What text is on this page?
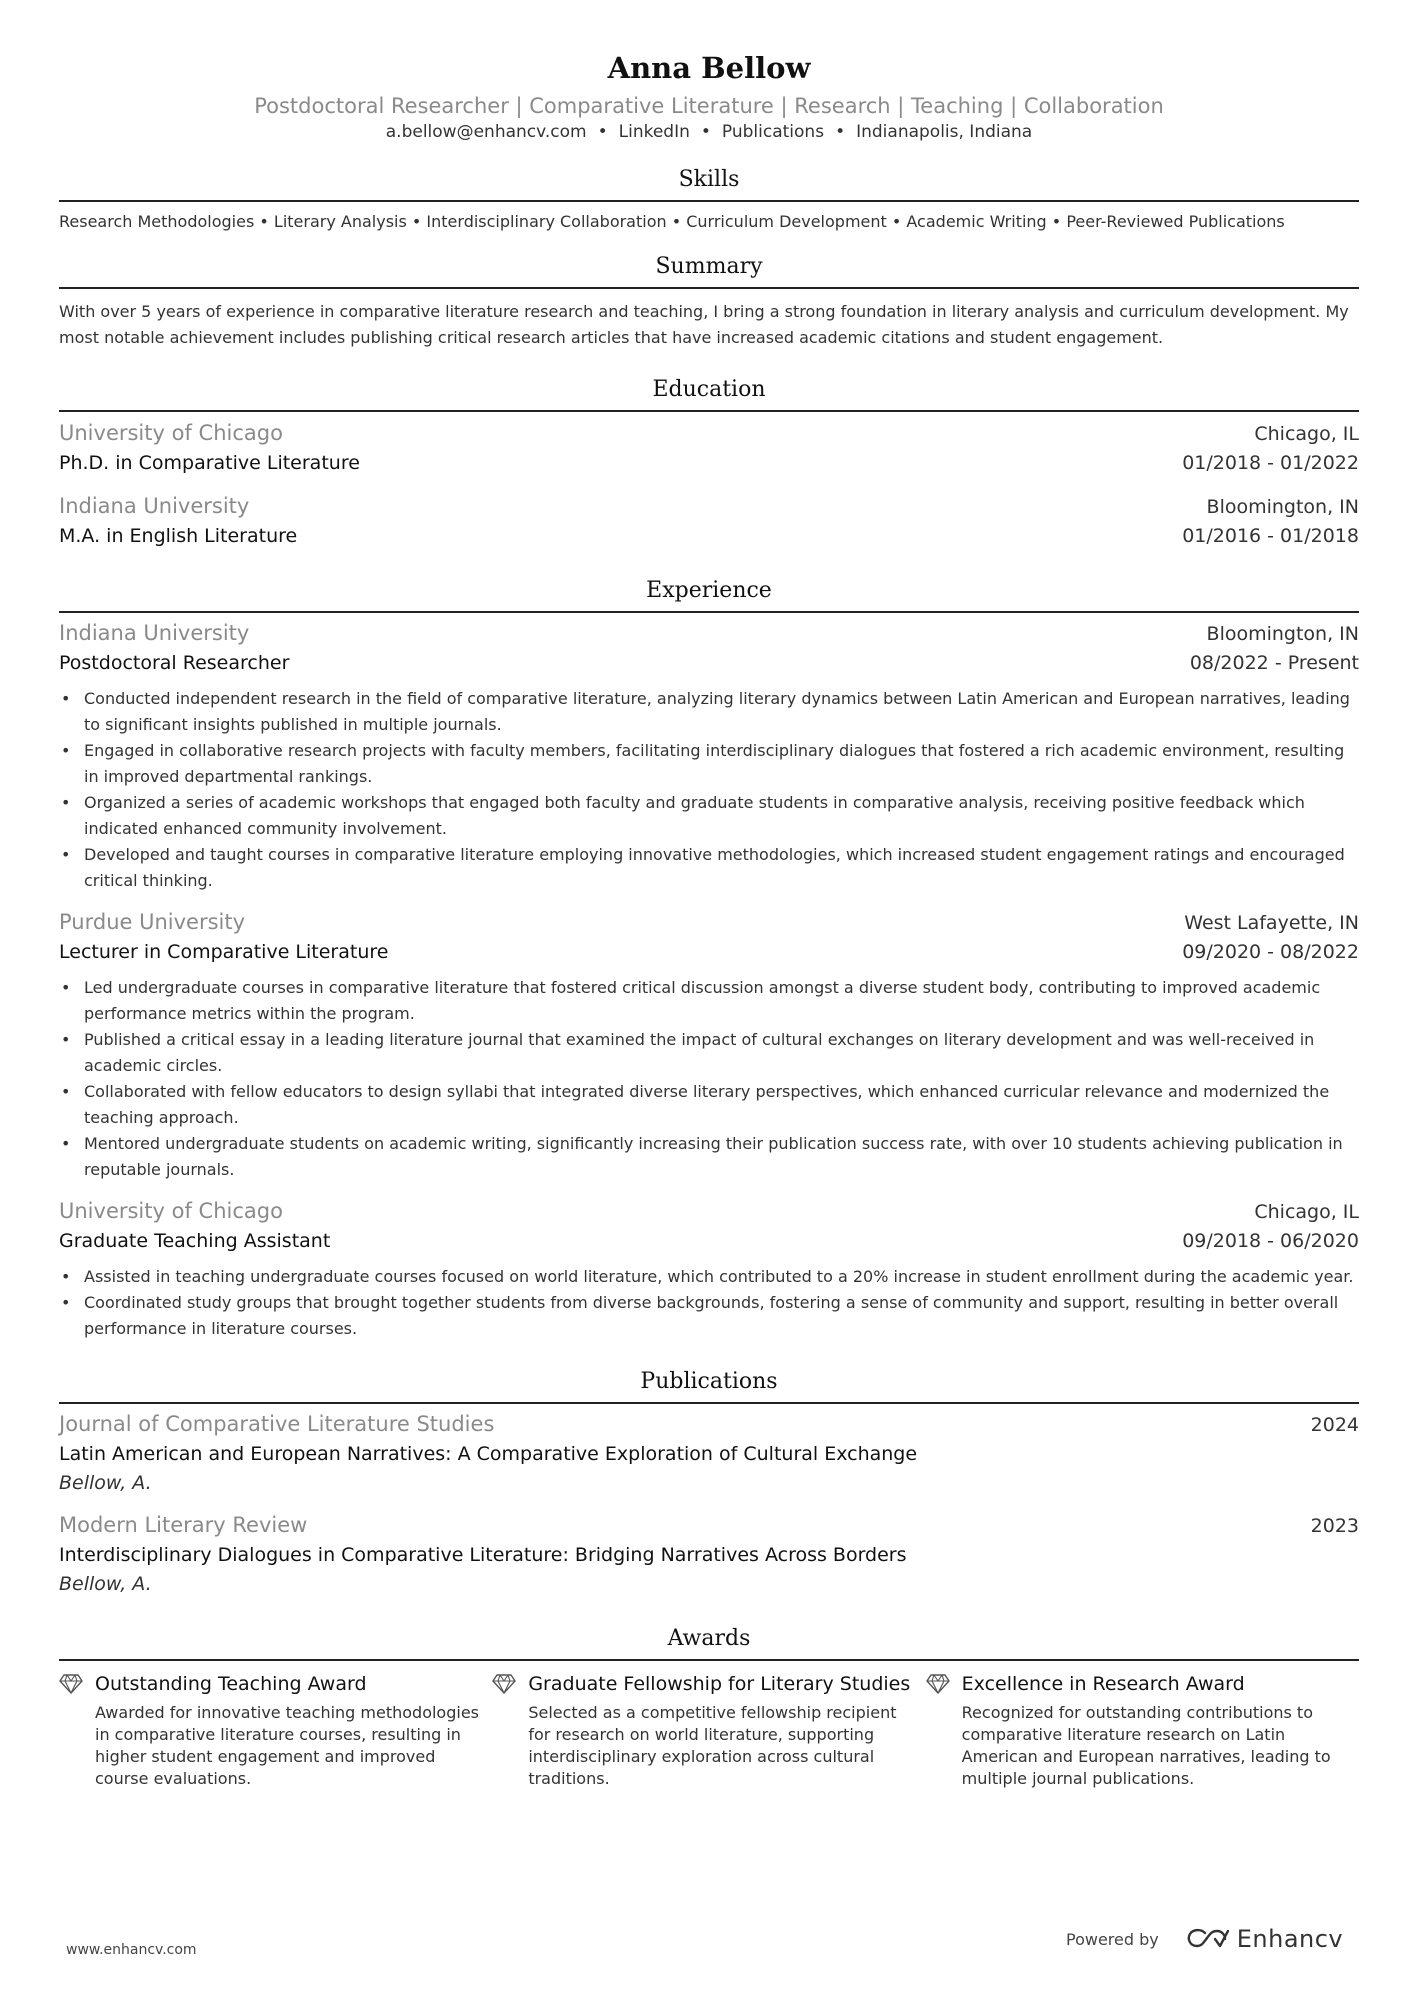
Anna Bellow
Postdoctoral Researcher | Comparative Literature | Research | Teaching | Collaboration
a.bellow@enhancv.com • LinkedIn • Publications • Indianapolis, Indiana
Skills
Research Methodologies • Literary Analysis • Interdisciplinary Collaboration • Curriculum Development • Academic Writing • Peer-Reviewed Publications
Summary
With over 5 years of experience in comparative literature research and teaching, I bring a strong foundation in literary analysis and curriculum development. My most notable achievement includes publishing critical research articles that have increased academic citations and student engagement.
Education
University of Chicago	Chicago, IL
Ph.D. in Comparative Literature	01/2018 - 01/2022
Indiana University	Bloomington, IN
M.A. in English Literature	01/2016 - 01/2018
Experience
Indiana University	Bloomington, IN
Postdoctoral Researcher	08/2022 - Present
• Conducted independent research in the field of comparative literature, analyzing literary dynamics between Latin American and European narratives, leading to significant insights published in multiple journals.
• Engaged in collaborative research projects with faculty members, facilitating interdisciplinary dialogues that fostered a rich academic environment, resulting in improved departmental rankings.
• Organized a series of academic workshops that engaged both faculty and graduate students in comparative analysis, receiving positive feedback which indicated enhanced community involvement.
• Developed and taught courses in comparative literature employing innovative methodologies, which increased student engagement ratings and encouraged critical thinking.
Purdue University	West Lafayette, IN
Lecturer in Comparative Literature	09/2020 - 08/2022
• Led undergraduate courses in comparative literature that fostered critical discussion amongst a diverse student body, contributing to improved academic performance metrics within the program.
• Published a critical essay in a leading literature journal that examined the impact of cultural exchanges on literary development and was well-received in academic circles.
• Collaborated with fellow educators to design syllabi that integrated diverse literary perspectives, which enhanced curricular relevance and modernized the teaching approach.
• Mentored undergraduate students on academic writing, significantly increasing their publication success rate, with over 10 students achieving publication in reputable journals.
University of Chicago	Chicago, IL
Graduate Teaching Assistant	09/2018 - 06/2020
• Assisted in teaching undergraduate courses focused on world literature, which contributed to a 20% increase in student enrollment during the academic year.
• Coordinated study groups that brought together students from diverse backgrounds, fostering a sense of community and support, resulting in better overall performance in literature courses.
Publications
Journal of Comparative Literature Studies	2024
Latin American and European Narratives: A Comparative Exploration of Cultural Exchange
Bellow, A.
Modern Literary Review	2023
Interdisciplinary Dialogues in Comparative Literature: Bridging Narratives Across Borders
Bellow, A.
Awards
Outstanding Teaching Award
Awarded for innovative teaching methodologies in comparative literature courses, resulting in higher student engagement and improved course evaluations.
Graduate Fellowship for Literary Studies
Selected as a competitive fellowship recipient for research on world literature, supporting interdisciplinary exploration across cultural traditions.
Excellence in Research Award
Recognized for outstanding contributions to comparative literature research on Latin American and European narratives, leading to multiple journal publications.
www.enhancv.com
Powered by	Enhancv
